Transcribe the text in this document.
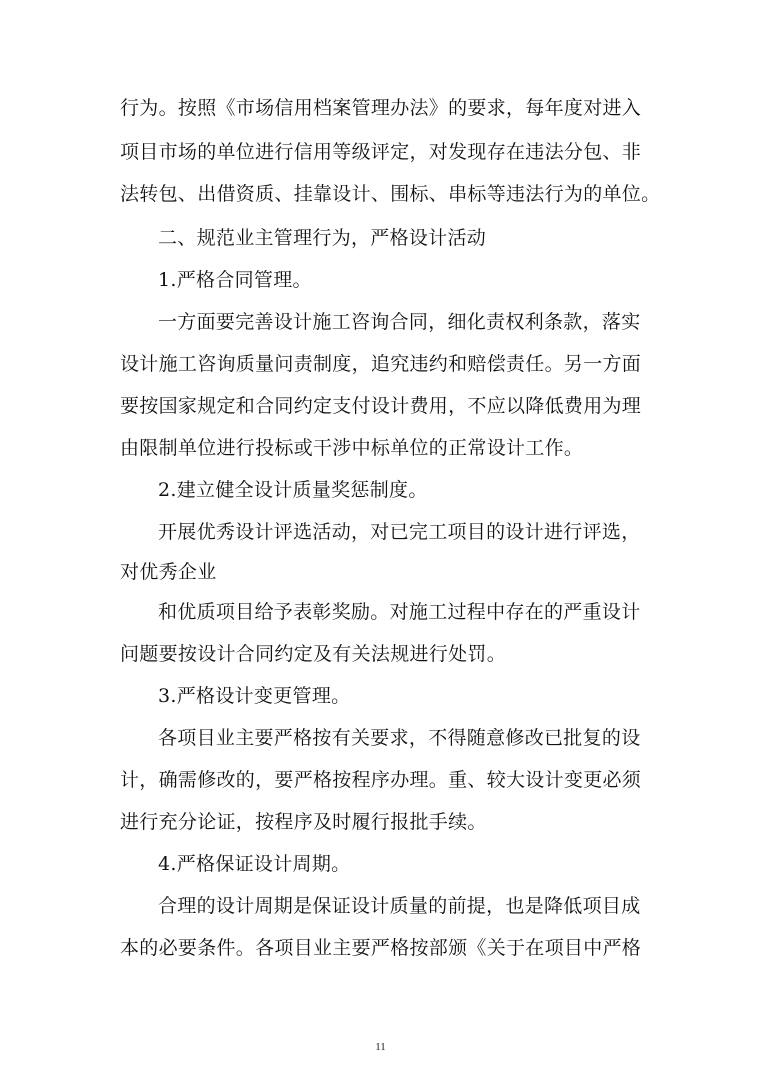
行为。按照《市场信用档案管理办法》的要求，每年度对进入
项目市场的单位进行信用等级评定，对发现存在违法分包、非
法转包、出借资质、挂靠设计、围标、串标等违法行为的单位。
二、规范业主管理行为，严格设计活动
1.严格合同管理。
一方面要完善设计施工咨询合同，细化责权利条款，落实
设计施工咨询质量问责制度，追究违约和赔偿责任。另一方面
要按国家规定和合同约定支付设计费用，不应以降低费用为理
由限制单位进行投标或干涉中标单位的正常设计工作。
2.建立健全设计质量奖惩制度。
开展优秀设计评选活动，对已完工项目的设计进行评选，
对优秀企业
和优质项目给予表彰奖励。对施工过程中存在的严重设计
问题要按设计合同约定及有关法规进行处罚。
3.严格设计变更管理。
各项目业主要严格按有关要求，不得随意修改已批复的设
计，确需修改的，要严格按程序办理。重、较大设计变更必须
进行充分论证，按程序及时履行报批手续。
4.严格保证设计周期。
合理的设计周期是保证设计质量的前提，也是降低项目成
本的必要条件。各项目业主要严格按部颁《关于在项目中严格
11
